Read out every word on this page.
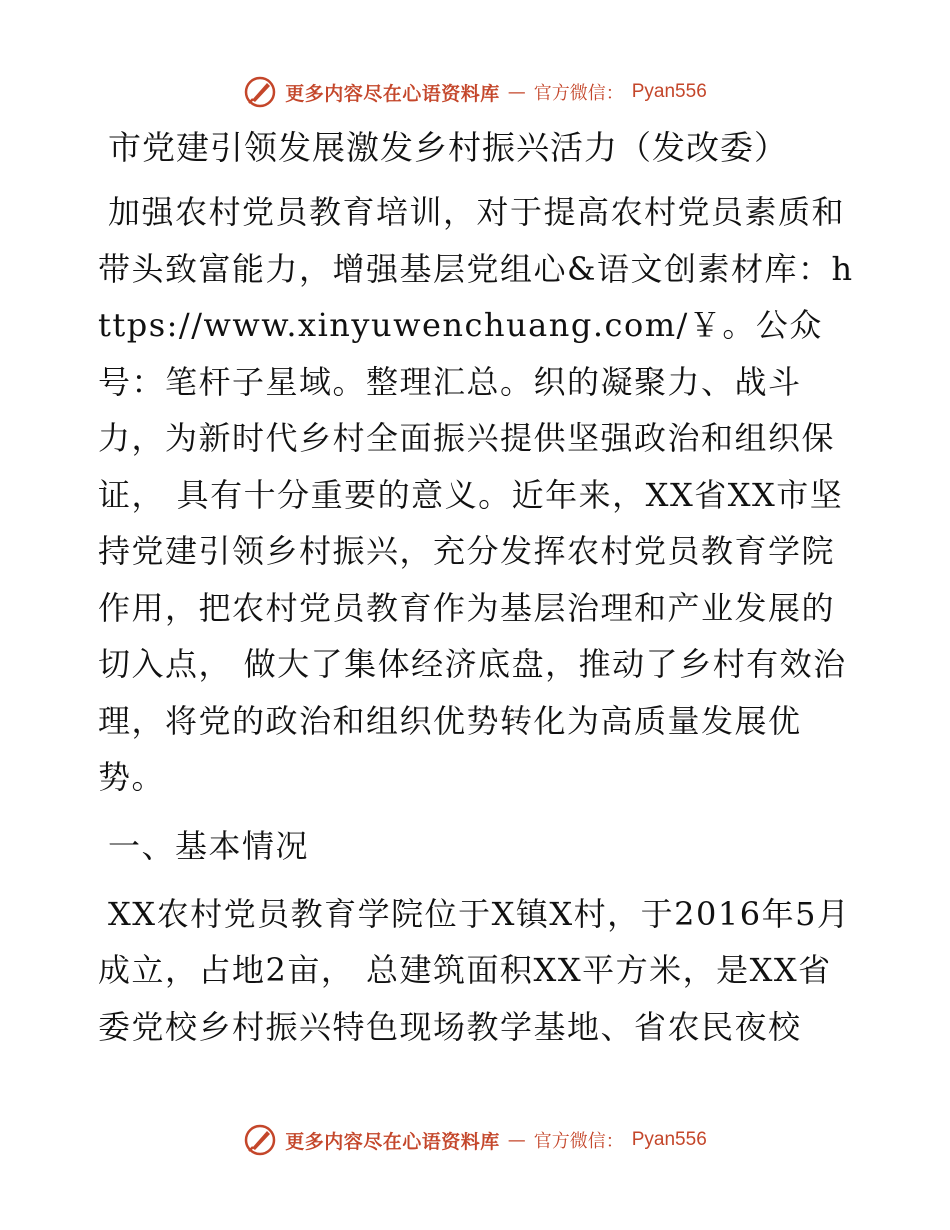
更多内容尽在心语资料库 — 官方微信： Pyan556
市党建引领发展激发乡村振兴活力（发改委）

加强农村党员教育培训，对于提高农村党员素质和带头致富能力，增强基层党组心&语文创素材库：https://www.xinyuwenchuang.com/￥。公众号：笔杆子星域。整理汇总。织的凝聚力、战斗力，为新时代乡村全面振兴提供坚强政治和组织保证， 具有十分重要的意义。近年来，XX省XX市坚持党建引领乡村振兴，充分发挥农村党员教育学院作用，把农村党员教育作为基层治理和产业发展的切入点， 做大了集体经济底盘，推动了乡村有效治理，将党的政治和组织优势转化为高质量发展优势。

一、基本情况

XX农村党员教育学院位于X镇X村，于2016年5月成立，占地2亩， 总建筑面积XX平方米，是XX省委党校乡村振兴特色现场教学基地、省农民夜校

更多内容尽在心语资料库 — 官方微信： Pyan556
